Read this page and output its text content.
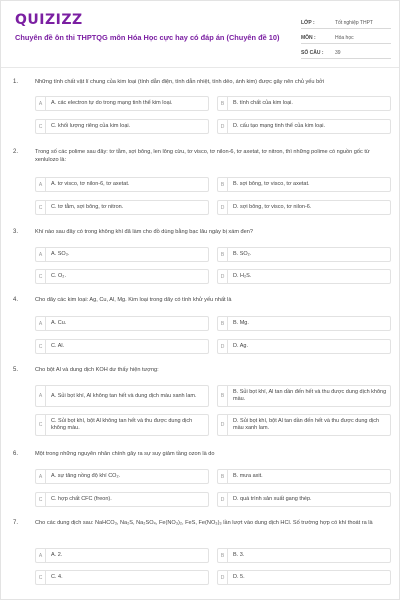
QUIZIZZ
Chuyên đề ôn thi THPTQG môn Hóa Học cực hay có đáp án (Chuyên đề 10)
LỚP :	Tốt nghiệp THPT
MÔN :	Hóa học
SỐ CÂU :	39
1.	Những tính chất vật lí chung của kim loại (tính dẫn điện, tính dẫn nhiệt, tính dẻo, ánh kim) được gây nên chủ yếu bởi
A	A. các electron tự do trong mạng tinh thể kim loại.	B	B. tính chất của kim loại.
C	C. khối lượng riêng của kim loại.	D	D. cấu tạo mạng tinh thể của kim loại.
2.	Trong số các polime sau đây: tơ tằm, sợi bông, len lông cừu, tơ visco, tơ nilon-6, tơ axetat, tơ nitron, thì những polime có nguồn gốc từ xenlulozo là:
A	A. tơ visco, tơ nilon-6, tơ axetat.	B	B. sợi bông, tơ visco, tơ axetat.
C	C. tơ tằm, sợi bông, tơ nitron.	D	D. sợi bông, tơ visco, tơ nilon-6.
3.	Khí nào sau đây có trong không khí đã làm cho đồ dùng bằng bạc lâu ngày bị xám đen?
A	A. SO₃.	B	B. SO₂.
C	C. O₂.	D	D. H₂S.
4.	Cho dãy các kim loại: Ag, Cu, Al, Mg. Kim loại trong dãy có tính khử yếu nhất là
A	A. Cu.	B	B. Mg.
C	C. Al.	D	D. Ag.
5.	Cho bột Al và dung dịch KOH dư thấy hiện tượng:
A	A. Sủi bọt khí, Al không tan hết và dung dịch màu xanh lam.	B
B. Sủi bọt khí, Al tan dần đến hết và thu được dung dịch không màu.
C
C. Sủi bọt khí, bột Al không tan hết và thu được dung dịch không màu.	D
D. Sủi bọt khí, bột Al tan dần đến hết và thu được dung dịch màu xanh lam.
6.	Một trong những nguyên nhân chính gây ra sự suy giảm tầng ozon là do
A	A. sự tăng nồng độ khí CO₂.	B	B. mưa axit.
C	C. hợp chất CFC (freon).	D	D. quá trình sản xuất gang thép.
7.	Cho các dung dịch sau: NaHCO₃, Na₂S, Na₂SO₄, Fe(NO₃)₂, FeS, Fe(NO₃)₃ lần lượt vào dung dịch HCl. Số trường hợp có khí thoát ra là
A	A. 2.	B	B. 3.
C	C. 4.	D	D. 5.
